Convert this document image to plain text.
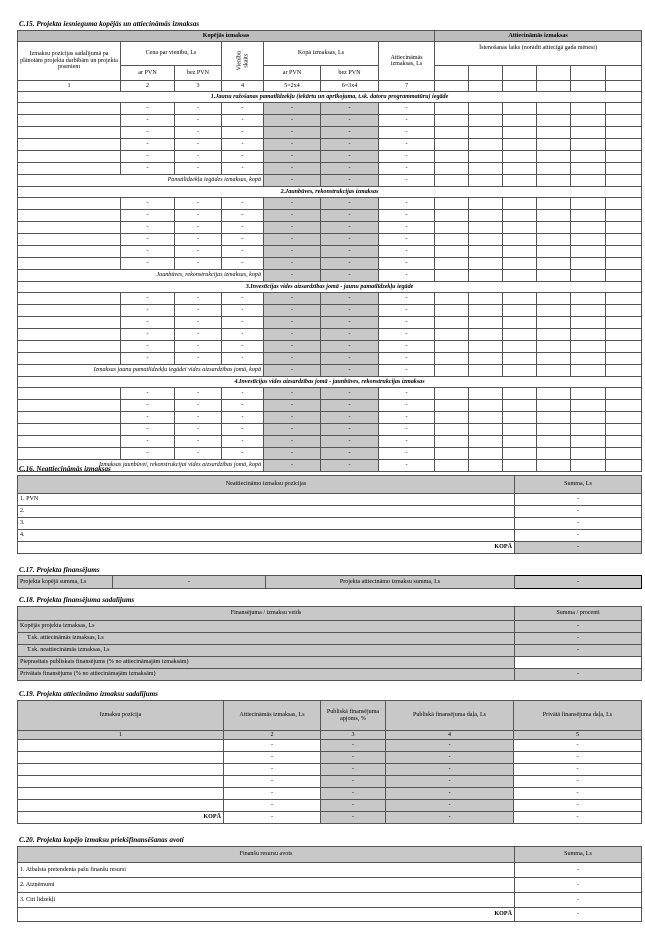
C.15. Projekta iesnieguma kopējās un attiecināmās izmaksas
Kopējās izmaksas							Attiecināmās izmaksas					
Izmaksu pozīcijas sadalījumā pa plānotām projekta darbībām un projekta posmiem	Cena par vienību, Ls		Vienību skaits	Kopā izmaksas, Ls		Attiecināmās izmaksas, Ls	Īstenošanas laiks (norādīt attiecīgā gada mēnesi)					
	ar PVN	bez PVN		ar PVN	bez PVN							
1	2	3	4	5=2x4	6=3x4	7						
1.Jaunu ražošanas pamatlīdzekļu (iekārtu un aprīkojuma, t.sk. datoru programmatūru) iegāde												
	-	-	-	-	-	-						
	-	-	-	-	-	-						
	-	-	-	-	-	-						
	-	-	-	-	-	-						
	-	-	-	-	-	-						
	-	-	-	-	-	-						
Pamatlīdzekļu iegādes izmaksas, kopā				-	-	-						
2.Jaunbūves, rekonstrukcijas izmaksas												
	-	-	-	-	-	-						
	-	-	-	-	-	-						
	-	-	-	-	-	-						
	-	-	-	-	-	-						
	-	-	-	-	-	-						
	-	-	-	-	-	-						
Jaunbūves, rekonstrukcijas izmaksas, kopā				-	-	-						
3.Investīcijas vides aizsardzības jomā - jaunu pamatlīdzekļu iegāde												
	-	-	-	-	-	-						
	-	-	-	-	-	-						
	-	-	-	-	-	-						
	-	-	-	-	-	-						
	-	-	-	-	-	-						
	-	-	-	-	-	-						
Izmaksas jaunu pamatlīdzekļu iegādei vides aizsardzības jomā, kopā				-	-	-						
4.Investīcijas vides aizsardzības jomā - jaunbūves, rekonstrukcijas izmaksas												
	-	-	-	-	-	-						
	-	-	-	-	-	-						
	-	-	-	-	-	-						
	-	-	-	-	-	-						
	-	-	-	-	-	-						
	-	-	-	-	-	-						
Izmaksas jaunbūvei, rekonstrukcijai vides aizsardzības jomā, kopā				-	-	-						
C.16. Neattiecināmās izmaksas
Neattiecināmo izmaksu pozīcijas	Summa, Ls
1. PVN	-
2.	-
3.	-
4.	-
KOPĀ	-
C.17. Projekta finansējums
Projekta kopējā summa, Ls	-	Projekta attiecināmo izmaksu summa, Ls	-
C.18. Projekta finansējuma sadalījums
Finansējuma / izmaksu veids	Summa / procenti
Kopējās projekta izmaksas, Ls	-
T.sk. attiecināmās izmaksas, Ls	-
T.sk. neattiecināmās izmaksas, Ls	-
Pieprasītais publiskais finansējums (% no attiecināmajām izmaksām)	
Privātais finansējums (% no attiecināmajām izmaksām)	-
C.19. Projekta attiecināmo izmaksu sadalījums
Izmaksu pozīcija	Attiecināmās izmaksas, Ls	Publiskā finansējuma apjoms, %	Publiskā finansējuma daļa, Ls	Privātā finansējuma daļa, Ls
1	2	3	4	5
	-	-	-	-
	-	-	-	-
	-	-	-	-
	-	-	-	-
	-	-	-	-
	-	-	-	-
KOPĀ	-	-	-	-
C.20. Projekta kopējo izmaksu priekšfinansēšanas avoti
Finanšu resursu avots	Summa, Ls
1. Atbalsta pretendenta pašu finanšu resursi	-
2. Aizņēmumi	-
3. Citi līdzekļi	-
KOPĀ	-
